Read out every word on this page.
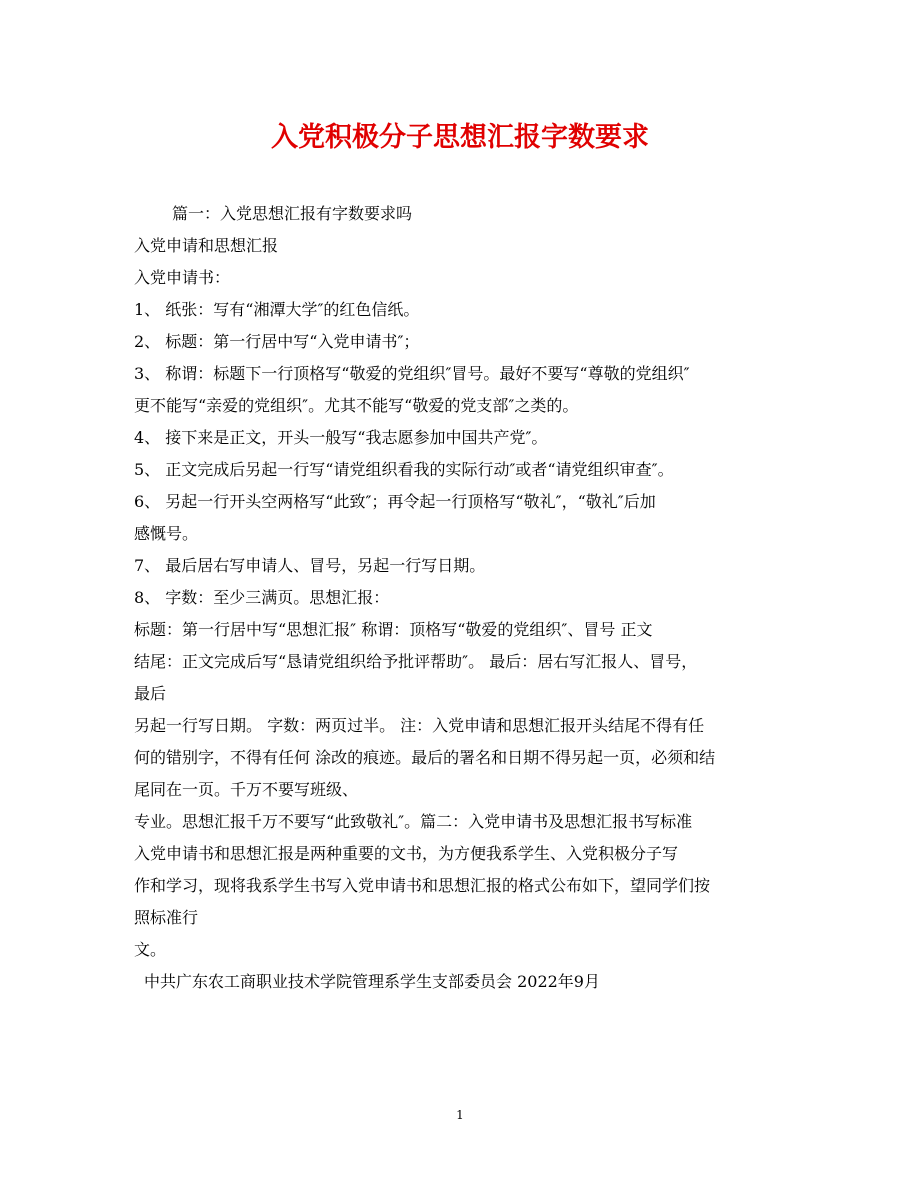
入党积极分子思想汇报字数要求
篇一：入党思想汇报有字数要求吗
入党申请和思想汇报
入党申请书：
1、 纸张：写有“湘潭大学″的红色信纸。
2、 标题：第一行居中写“入党申请书″；
3、 称谓：标题下一行顶格写“敬爱的党组织″冒号。最好不要写“尊敬的党组织″
更不能写“亲爱的党组织″。尤其不能写“敬爱的党支部″之类的。
4、 接下来是正文，开头一般写“我志愿参加中国共产党″。
5、 正文完成后另起一行写“请党组织看我的实际行动″或者“请党组织审查″。
6、 另起一行开头空两格写“此致″；再令起一行顶格写“敬礼″，“敬礼″后加
感慨号。
7、 最后居右写申请人、冒号，另起一行写日期。
8、 字数：至少三满页。思想汇报：
标题：第一行居中写“思想汇报″ 称谓：顶格写“敬爱的党组织″、冒号 正文
结尾：正文完成后写“恳请党组织给予批评帮助″。 最后：居右写汇报人、冒号，
最后
另起一行写日期。 字数：两页过半。 注：入党申请和思想汇报开头结尾不得有任
何的错别字，不得有任何 涂改的痕迹。最后的署名和日期不得另起一页，必须和结
尾同在一页。千万不要写班级、
专业。思想汇报千万不要写“此致敬礼″。篇二：入党申请书及思想汇报书写标准
入党申请书和思想汇报是两种重要的文书，为方便我系学生、入党积极分子写
作和学习，现将我系学生书写入党申请书和思想汇报的格式公布如下，望同学们按
照标准行
文。
中共广东农工商职业技术学院管理系学生支部委员会 2022年9月
1
